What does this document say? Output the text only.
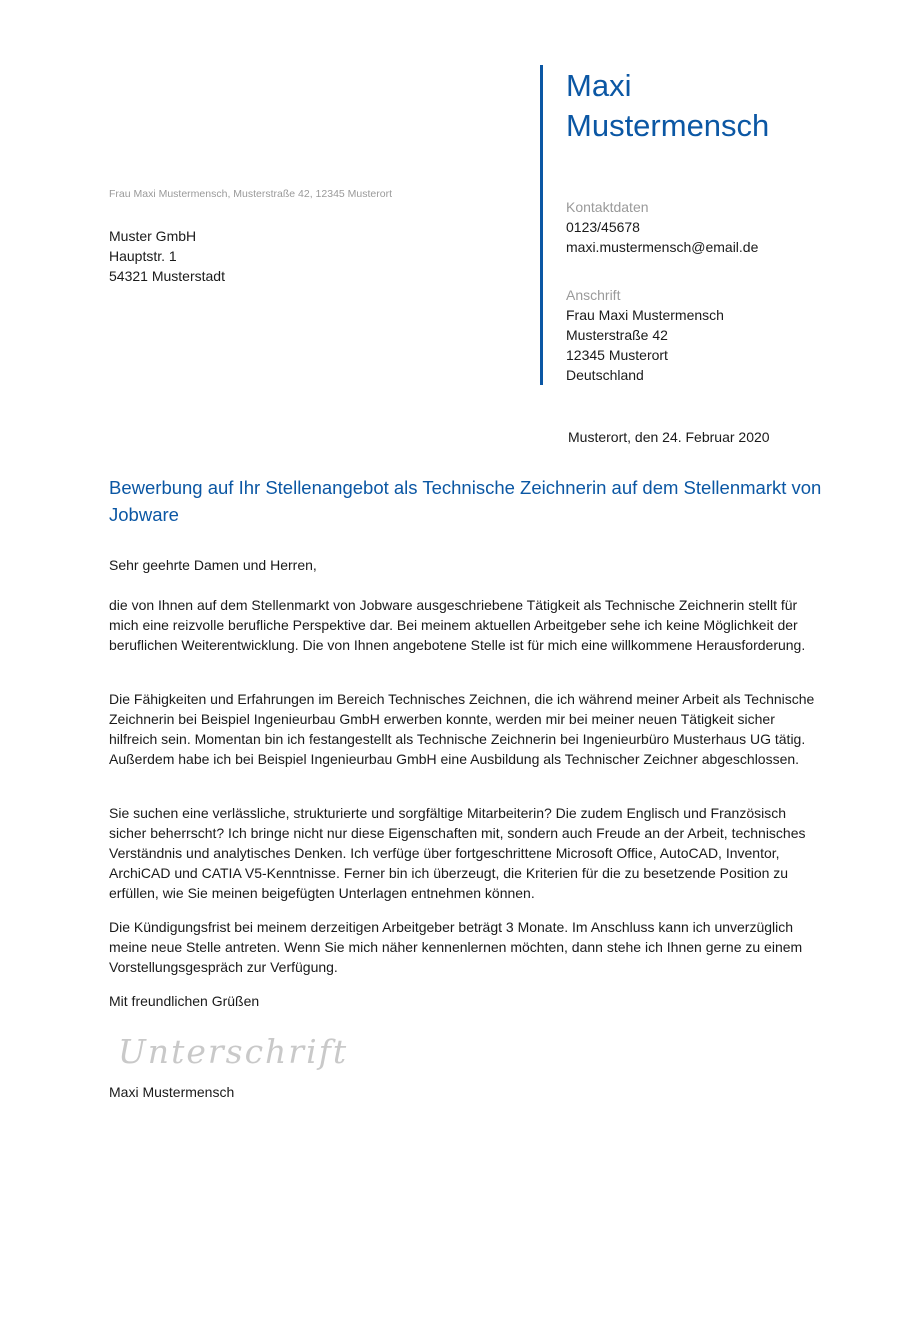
Maxi
Mustermensch
Kontaktdaten
0123/45678
maxi.mustermensch@email.de
Anschrift
Frau Maxi Mustermensch
Musterstraße 42
12345 Musterort
Deutschland
Frau Maxi Mustermensch, Musterstraße 42, 12345 Musterort
Muster GmbH
Hauptstr. 1
54321 Musterstadt
Musterort, den 24. Februar 2020
Bewerbung auf Ihr Stellenangebot als Technische Zeichnerin auf dem Stellenmarkt von Jobware
Sehr geehrte Damen und Herren,
die von Ihnen auf dem Stellenmarkt von Jobware ausgeschriebene Tätigkeit als Technische Zeichnerin stellt für mich eine reizvolle berufliche Perspektive dar. Bei meinem aktuellen Arbeitgeber sehe ich keine Möglichkeit der beruflichen Weiterentwicklung. Die von Ihnen angebotene Stelle ist für mich eine willkommene Herausforderung.
Die Fähigkeiten und Erfahrungen im Bereich Technisches Zeichnen, die ich während meiner Arbeit als Technische Zeichnerin bei Beispiel Ingenieurbau GmbH erwerben konnte, werden mir bei meiner neuen Tätigkeit sicher hilfreich sein. Momentan bin ich festangestellt als Technische Zeichnerin bei Ingenieurbüro Musterhaus UG tätig. Außerdem habe ich bei Beispiel Ingenieurbau GmbH eine Ausbildung als Technischer Zeichner abgeschlossen.
Sie suchen eine verlässliche, strukturierte und sorgfältige Mitarbeiterin? Die zudem Englisch und Französisch sicher beherrscht? Ich bringe nicht nur diese Eigenschaften mit, sondern auch Freude an der Arbeit, technisches Verständnis und analytisches Denken. Ich verfüge über fortgeschrittene Microsoft Office, AutoCAD, Inventor, ArchiCAD und CATIA V5-Kenntnisse. Ferner bin ich überzeugt, die Kriterien für die zu besetzende Position zu erfüllen, wie Sie meinen beigefügten Unterlagen entnehmen können.
Die Kündigungsfrist bei meinem derzeitigen Arbeitgeber beträgt 3 Monate. Im Anschluss kann ich unverzüglich meine neue Stelle antreten. Wenn Sie mich näher kennenlernen möchten, dann stehe ich Ihnen gerne zu einem Vorstellungsgespräch zur Verfügung.
Mit freundlichen Grüßen
Unterschrift
Maxi Mustermensch
